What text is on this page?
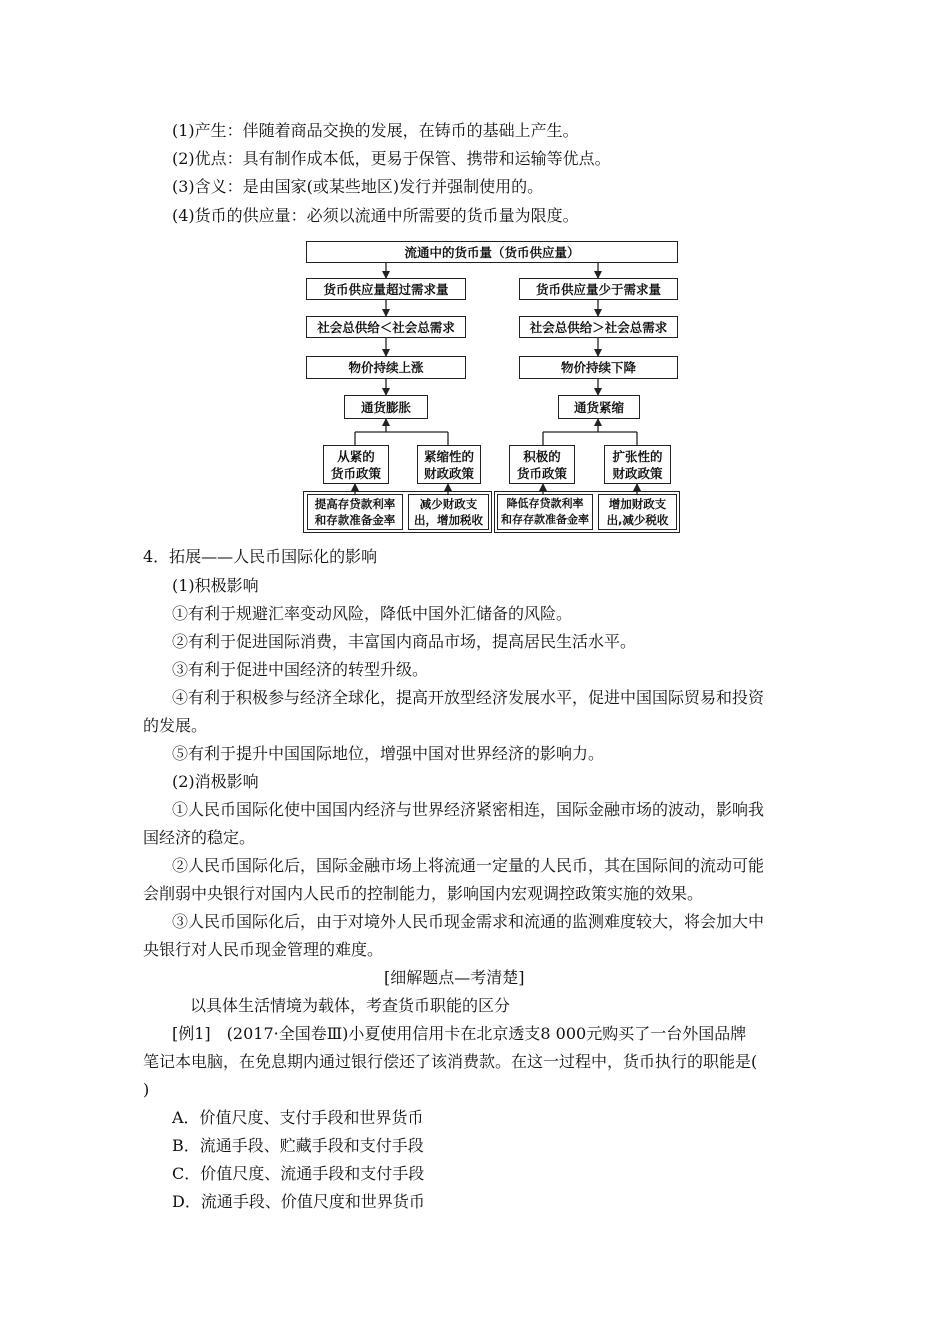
(1)产生：伴随着商品交换的发展，在铸币的基础上产生。
(2)优点：具有制作成本低，更易于保管、携带和运输等优点。
(3)含义：是由国家(或某些地区)发行并强制使用的。
(4)货币的供应量：必须以流通中所需要的货币量为限度。
流通中的货币量（货币供应量）
货币供应量超过需求量	货币供应量少于需求量
社会总供给＜社会总需求	社会总供给＞社会总需求
物价持续上涨	物价持续下降
通货膨胀	通货紧缩
从紧的
货币政策
紧缩性的
财政政策
积极的
货币政策
扩张性的
财政政策
提高存贷款利率
和存款准备金率
减少财政支
出，增加税收
降低存贷款利率
和存存款准备金率
增加财政支
出,减少税收
4．拓展——人民币国际化的影响
(1)积极影响
①有利于规避汇率变动风险，降低中国外汇储备的风险。
②有利于促进国际消费，丰富国内商品市场，提高居民生活水平。
③有利于促进中国经济的转型升级。
④有利于积极参与经济全球化，提高开放型经济发展水平，促进中国国际贸易和投资
的发展。
⑤有利于提升中国国际地位，增强中国对世界经济的影响力。
(2)消极影响
①人民币国际化使中国国内经济与世界经济紧密相连，国际金融市场的波动，影响我
国经济的稳定。
②人民币国际化后，国际金融市场上将流通一定量的人民币，其在国际间的流动可能
会削弱中央银行对国内人民币的控制能力，影响国内宏观调控政策实施的效果。
③人民币国际化后，由于对境外人民币现金需求和流通的监测难度较大，将会加大中
央银行对人民币现金管理的难度。
[细解题点—考清楚]
以具体生活情境为载体，考查货币职能的区分
[例1]　(2017·全国卷Ⅲ)小夏使用信用卡在北京透支8 000元购买了一台外国品牌
笔记本电脑，在免息期内通过银行偿还了该消费款。在这一过程中，货币执行的职能是(
)
A．价值尺度、支付手段和世界货币
B．流通手段、贮藏手段和支付手段
C．价值尺度、流通手段和支付手段
D．流通手段、价值尺度和世界货币
